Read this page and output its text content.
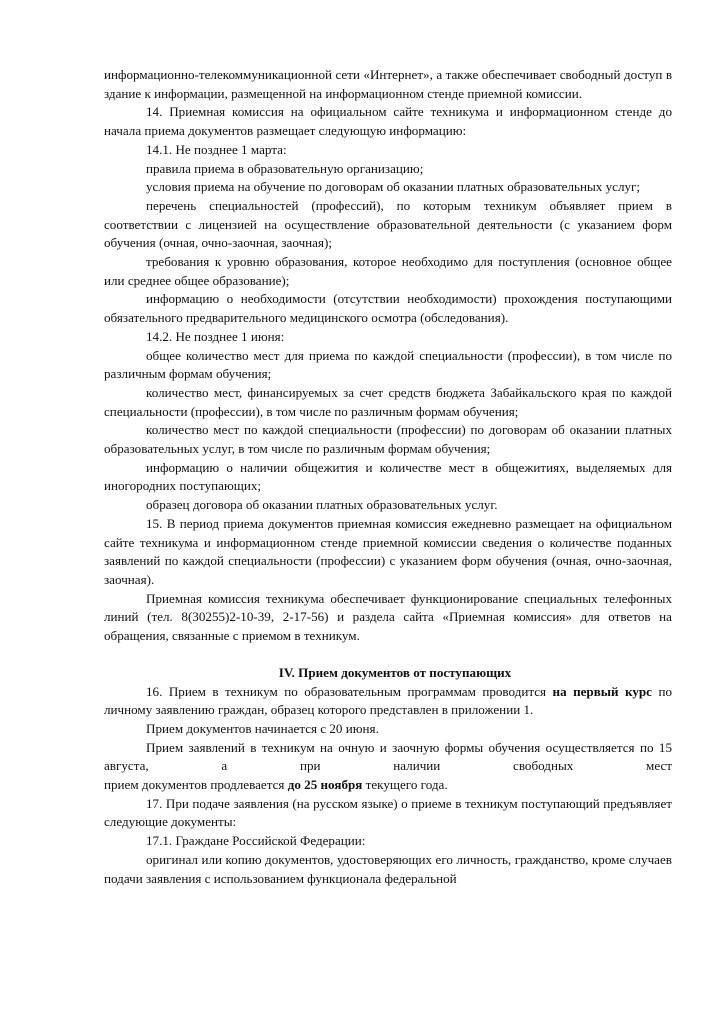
информационно-телекоммуникационной сети «Интернет», а также обеспечивает свободный доступ в здание к информации, размещенной на информационном стенде приемной комиссии.

14. Приемная комиссия на официальном сайте техникума и информационном стенде до начала приема документов размещает следующую информацию:

14.1. Не позднее 1 марта:

правила приема в образовательную организацию;

условия приема на обучение по договорам об оказании платных образовательных услуг;

перечень специальностей (профессий), по которым техникум объявляет прием в соответствии с лицензией на осуществление образовательной деятельности (с указанием форм обучения (очная, очно-заочная, заочная);

требования к уровню образования, которое необходимо для поступления (основное общее или среднее общее образование);

информацию о необходимости (отсутствии необходимости) прохождения поступающими обязательного предварительного медицинского осмотра (обследования).

14.2. Не позднее 1 июня:

общее количество мест для приема по каждой специальности (профессии), в том числе по различным формам обучения;

количество мест, финансируемых за счет средств бюджета Забайкальского края по каждой специальности (профессии), в том числе по различным формам обучения;

количество мест по каждой специальности (профессии) по договорам об оказании платных образовательных услуг, в том числе по различным формам обучения;

информацию о наличии общежития и количестве мест в общежитиях, выделяемых для иногородних поступающих;

образец договора об оказании платных образовательных услуг.

15. В период приема документов приемная комиссия ежедневно размещает на официальном сайте техникума и информационном стенде приемной комиссии сведения о количестве поданных заявлений по каждой специальности (профессии) с указанием форм обучения (очная, очно-заочная, заочная).

Приемная комиссия техникума обеспечивает функционирование специальных телефонных линий (тел. 8(30255)2-10-39, 2-17-56) и раздела сайта «Приемная комиссия» для ответов на обращения, связанные с приемом в техникум.

IV. Прием документов от поступающих

16. Прием в техникум по образовательным программам проводится на первый курс по личному заявлению граждан, образец которого представлен в приложении 1.

Прием документов начинается с 20 июня.

Прием заявлений в техникум на очную и заочную формы обучения осуществляется по 15 августа, а при наличии свободных мест

прием документов продлевается до 25 ноября текущего года.

17. При подаче заявления (на русском языке) о приеме в техникум поступающий предъявляет следующие документы:

17.1. Граждане Российской Федерации:

оригинал или копию документов, удостоверяющих его личность, гражданство, кроме случаев подачи заявления с использованием функционала федеральной
